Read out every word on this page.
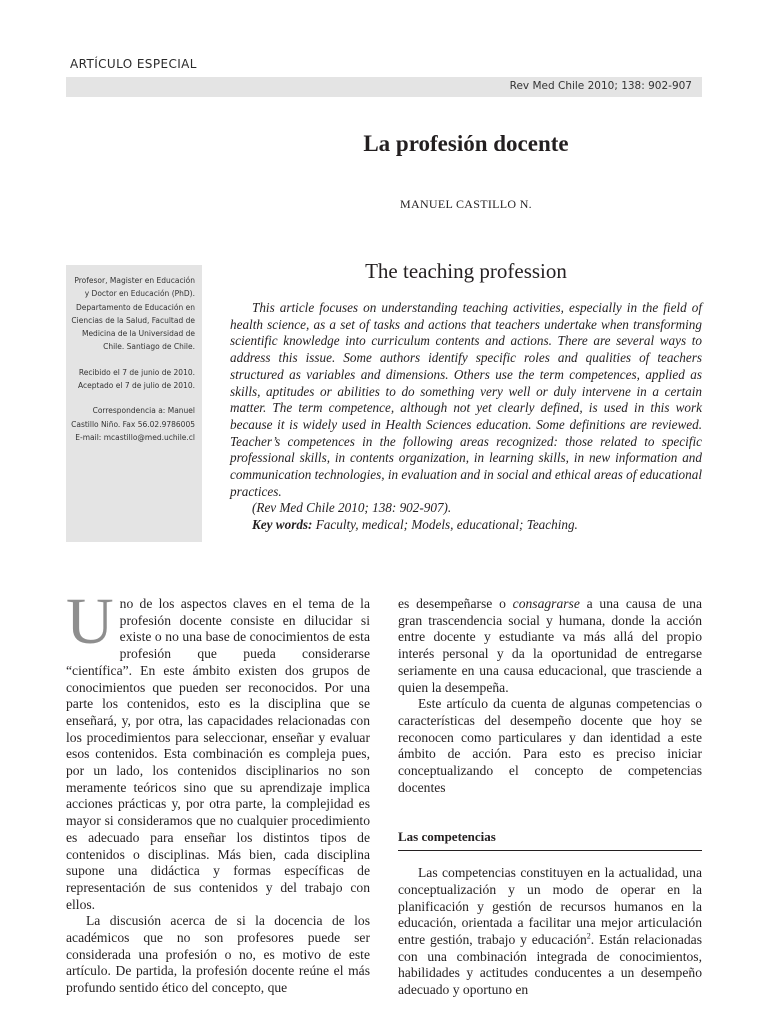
ARTÍCULO ESPECIAL
Rev Med Chile 2010; 138: 902-907
La profesión docente
MANUEL CASTILLO N.

Profesor, Magister en Educación y Doctor en Educación (PhD). Departamento de Educación en Ciencias de la Salud, Facultad de Medicina de la Universidad de Chile. Santiago de Chile.

Recibido el 7 de junio de 2010. Aceptado el 7 de julio de 2010.

Correspondencia a: Manuel Castillo Niño. Fax 56.02.9786005 E-mail: mcastillo@med.uchile.cl

The teaching profession

This article focuses on understanding teaching activities, especially in the field of health science, as a set of tasks and actions that teachers undertake when transforming scientific knowledge into curriculum contents and actions. There are several ways to address this issue. Some authors identify specific roles and qualities of teachers structured as variables and dimensions. Others use the term competences, applied as skills, aptitudes or abilities to do something very well or duly intervene in a certain matter. The term competence, although not yet clearly defined, is used in this work because it is widely used in Health Sciences education. Some definitions are reviewed. Teacher’s competences in the following areas recognized: those related to specific professional skills, in contents organization, in learning skills, in new information and communication technologies, in evaluation and in social and ethical areas of educational practices.

(Rev Med Chile 2010; 138: 902-907).

Key words: Faculty, medical; Models, educational; Teaching.

Uno de los aspectos claves en el tema de la profesión docente consiste en dilucidar si existe o no una base de conocimientos de esta profesión que pueda considerarse “científica”. En este ámbito existen dos grupos de conocimientos que pueden ser reconocidos. Por una parte los contenidos, esto es la disciplina que se enseñará, y, por otra, las capacidades relacionadas con los procedimientos para seleccionar, enseñar y evaluar esos contenidos. Esta combinación es compleja pues, por un lado, los contenidos disciplinarios no son meramente teóricos sino que su aprendizaje implica acciones prácticas y, por otra parte, la complejidad es mayor si consideramos que no cualquier procedimiento es adecuado para enseñar los distintos tipos de contenidos o disciplinas. Más bien, cada disciplina supone una didáctica y formas específicas de representación de sus contenidos y del trabajo con ellos.

La discusión acerca de si la docencia de los académicos que no son profesores puede ser considerada una profesión o no, es motivo de este artículo. De partida, la profesión docente reúne el más profundo sentido ético del concepto, que

es desempeñarse o consagrarse a una causa de una gran trascendencia social y humana, donde la acción entre docente y estudiante va más allá del propio interés personal y da la oportunidad de entregarse seriamente en una causa educacional, que trasciende a quien la desempeña.

Este artículo da cuenta de algunas competencias o características del desempeño docente que hoy se reconocen como particulares y dan identidad a este ámbito de acción. Para esto es preciso iniciar conceptualizando el concepto de competencias docentes

Las competencias

Las competencias constituyen en la actualidad, una conceptualización y un modo de operar en la planificación y gestión de recursos humanos en la educación, orientada a facilitar una mejor articulación entre gestión, trabajo y educación$^2$. Están relacionadas con una combinación integrada de conocimientos, habilidades y actitudes conducentes a un desempeño adecuado y oportuno en
